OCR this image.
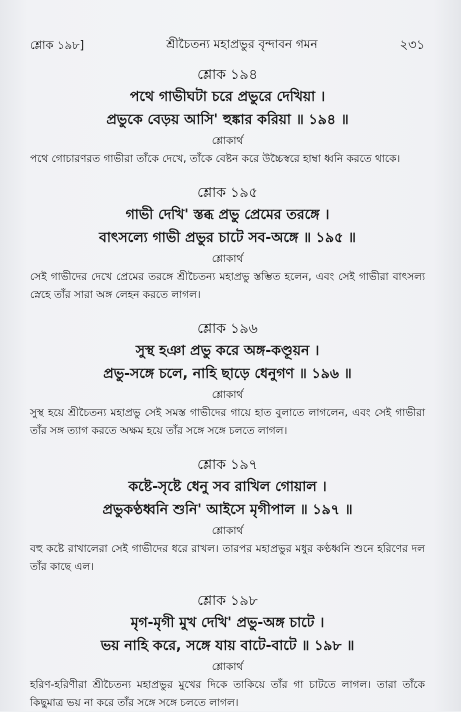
শ্লোক ১৯৮]	শ্রীচৈতন্য মহাপ্রভুর বৃন্দাবন গমন	২৩১

শ্লোক ১৯৪

পথে গাভীঘটা চরে প্রভুরে দেখিয়া ।

প্রভুকে বেড়য় আসি' হুঙ্কার করিয়া ॥ ১৯৪ ॥

শ্লোকার্থ

পথে গোচারণরত গাভীরা তাঁকে দেখে, তাঁকে বেষ্টন করে উচ্চৈস্বরে হাম্বা ধ্বনি করতে থাকে।

শ্লোক ১৯৫

গাভী দেখি' স্তব্ধ প্রভু প্রেমের তরঙ্গে ।

বাৎসল্যে গাভী প্রভুর চাটে সব-অঙ্গে ॥ ১৯৫ ॥

শ্লোকার্থ

সেই গাভীদের দেখে প্রেমের তরঙ্গে শ্রীচৈতন্য মহাপ্রভু স্তম্ভিত হলেন, এবং সেই গাভীরা বাৎসল্য স্নেহে তাঁর সারা অঙ্গ লেহন করতে লাগল।

শ্লোক ১৯৬

সুস্থ হঞা প্রভু করে অঙ্গ-কণ্ডূয়ন ।

প্রভু-সঙ্গে চলে, নাহি ছাড়ে ধেনুগণ ॥ ১৯৬ ॥

শ্লোকার্থ

সুস্থ হয়ে শ্রীচৈতন্য মহাপ্রভু সেই সমস্ত গাভীদের গায়ে হাত বুলাতে লাগলেন, এবং সেই গাভীরা তাঁর সঙ্গ ত্যাগ করতে অক্ষম হয়ে তাঁর সঙ্গে সঙ্গে চলতে লাগল।

শ্লোক ১৯৭

কষ্টে-সৃষ্টে ধেনু সব রাখিল গোয়াল ।

প্রভুকণ্ঠধ্বনি শুনি' আইসে মৃগীপাল ॥ ১৯৭ ॥

শ্লোকার্থ

বহু কষ্টে রাখালেরা সেই গাভীদের ধরে রাখল। তারপর মহাপ্রভুর মধুর কণ্ঠধ্বনি শুনে হরিণের দল তাঁর কাছে এল।

শ্লোক ১৯৮

মৃগ-মৃগী মুখ দেখি' প্রভু-অঙ্গ চাটে ।

ভয় নাহি করে, সঙ্গে যায় বাটে-বাটে ॥ ১৯৮ ॥

শ্লোকার্থ

হরিণ-হরিণীরা শ্রীচৈতন্য মহাপ্রভুর মুখের দিকে তাকিয়ে তাঁর গা চাটতে লাগল। তারা তাঁকে কিছুমাত্র ভয় না করে তাঁর সঙ্গে সঙ্গে চলতে লাগল।
